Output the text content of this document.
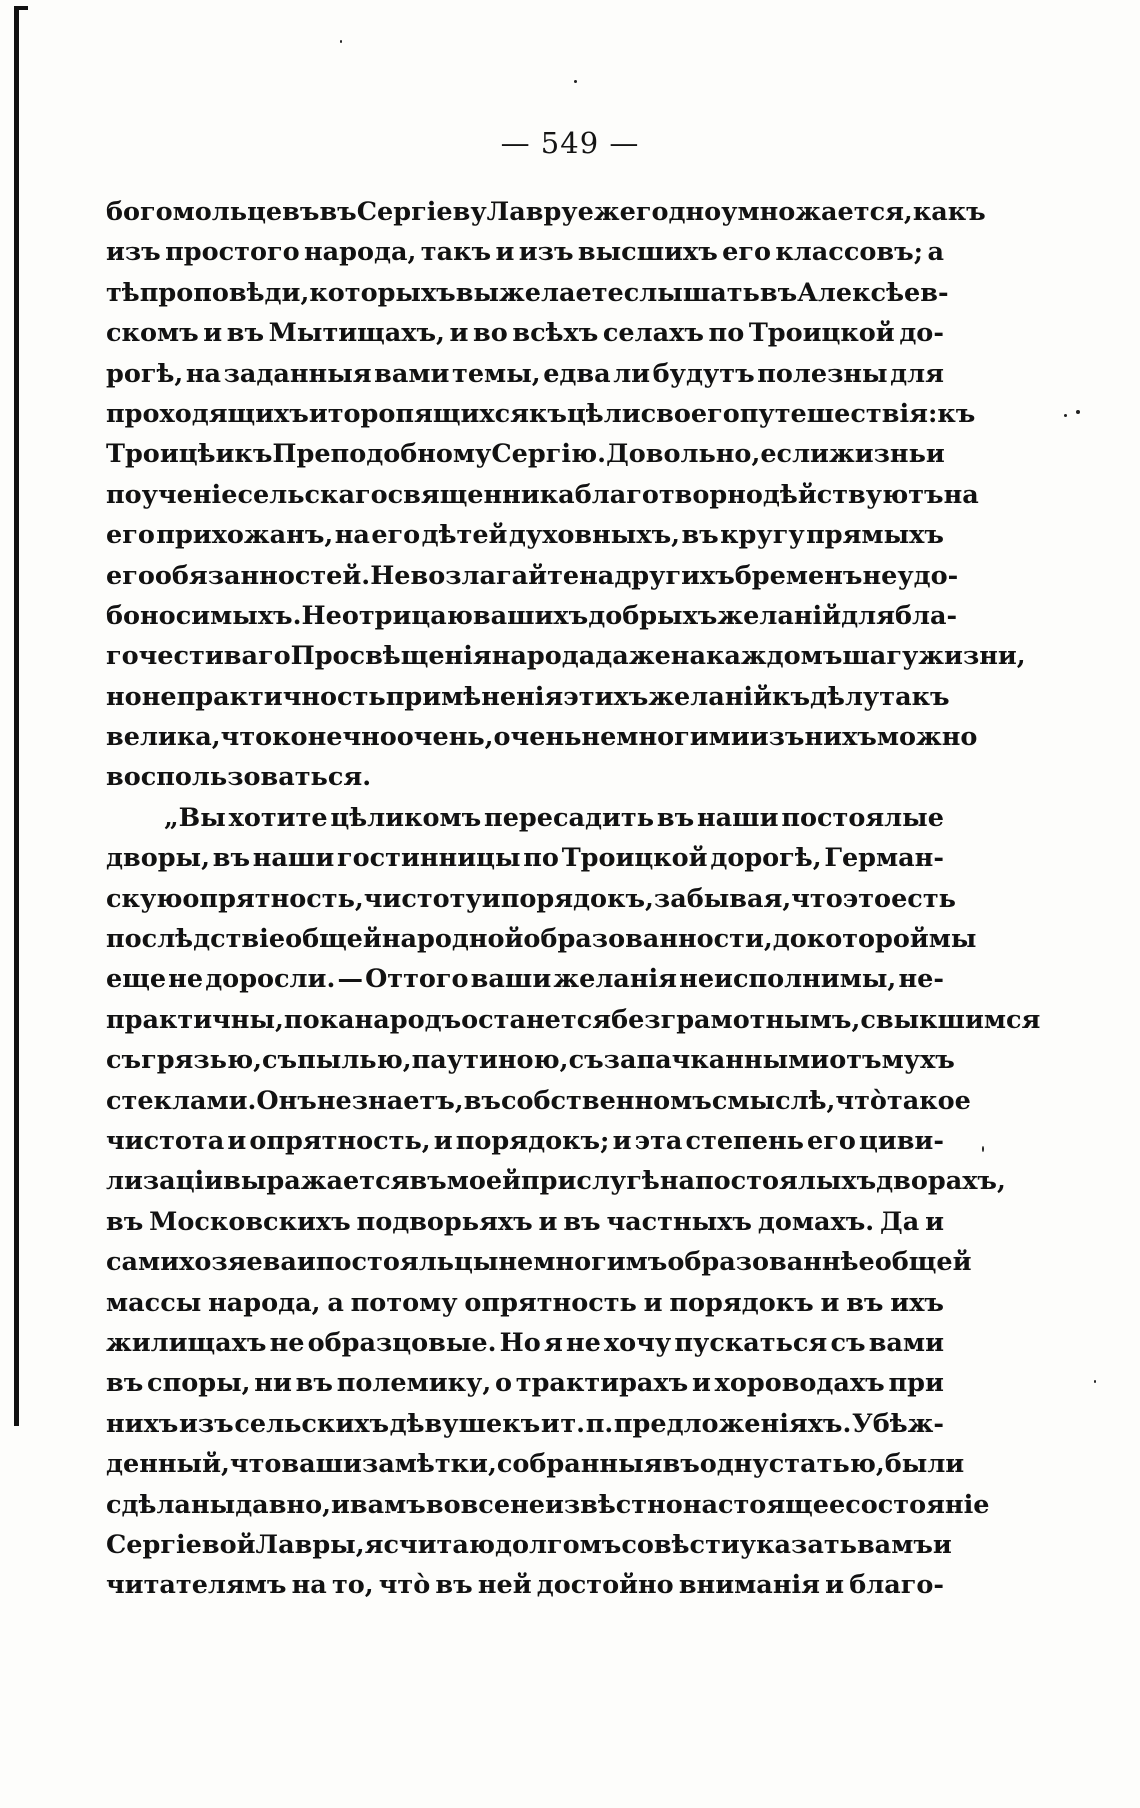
— 549 —
богомольцевъ въ Сергіеву Лавру ежегодно умножается, какъ
изъ простого народа, такъ и изъ высшихъ его классовъ; а
тѣ проповѣди, которыхъ вы желаете слышать въ Алексѣев-
скомъ и въ Мытищахъ, и во всѣхъ селахъ по Троицкой до-
рогѣ, на заданныя вами темы, едва ли будутъ полезны для
проходящихъ и торопящихся къ цѣли своего путешествія: къ
Троицѣ и къ Преподобному Сергію. Довольно, если жизнь и
поученіе сельскаго священника благотворно дѣйствуютъ на
его прихожанъ, на его дѣтей духовныхъ, въ кругу прямыхъ
его обязанностей. Не возлагайте на другихъ бременъ неудо-
боносимыхъ. Не отрицаю вашихъ добрыхъ желаній для бла-
гочестиваго Просвѣщенія народа даже на каждомъ шагу жизни,
но непрактичность примѣненія этихъ желаній къ дѣлу такъ
велика, что конечно очень, очень немногими изъ нихъ можно
воспользоваться.
„Вы хотите цѣликомъ пересадить въ наши постоялые
дворы, въ наши гостинницы по Троицкой дорогѣ, Герман-
скую опрятность, чистоту и порядокъ, забывая, что это есть
послѣдствіе общей народной образованности, до которой мы
еще не доросли. — Оттого ваши желанія неисполнимы, не-
практичны, пока народъ останется безграмотнымъ, свыкшимся
съ грязью, съ пылью, паутиною, съ запачканными отъ мухъ
стеклами. Онъ не знаетъ, въ собственномъ смыслѣ, что̀ такое
чистота и опрятность, и порядокъ; и эта степень его циви-
лизаціи выражается въ моей прислугѣ на постоялыхъ дворахъ,
въ Московскихъ подворьяхъ и въ частныхъ домахъ. Да и
сами хозяева и постояльцы не многимъ образованнѣе общей
массы народа, а потому опрятность и порядокъ и въ ихъ
жилищахъ не образцовые. Но я не хочу пускаться съ вами
въ споры, ни въ полемику, о трактирахъ и хороводахъ при
нихъ изъ сельскихъ дѣвушекъ и т. п. предложеніяхъ. Убѣж-
денный, что ваши замѣтки, собранныя въ одну статью, были
сдѣланы давно, и вамъ вовсе неизвѣстно настоящее состояніе
Сергіевой Лавры, я считаю долгомъ совѣсти указать вамъ и
читателямъ на то, что̀ въ ней достойно вниманія и благо-
